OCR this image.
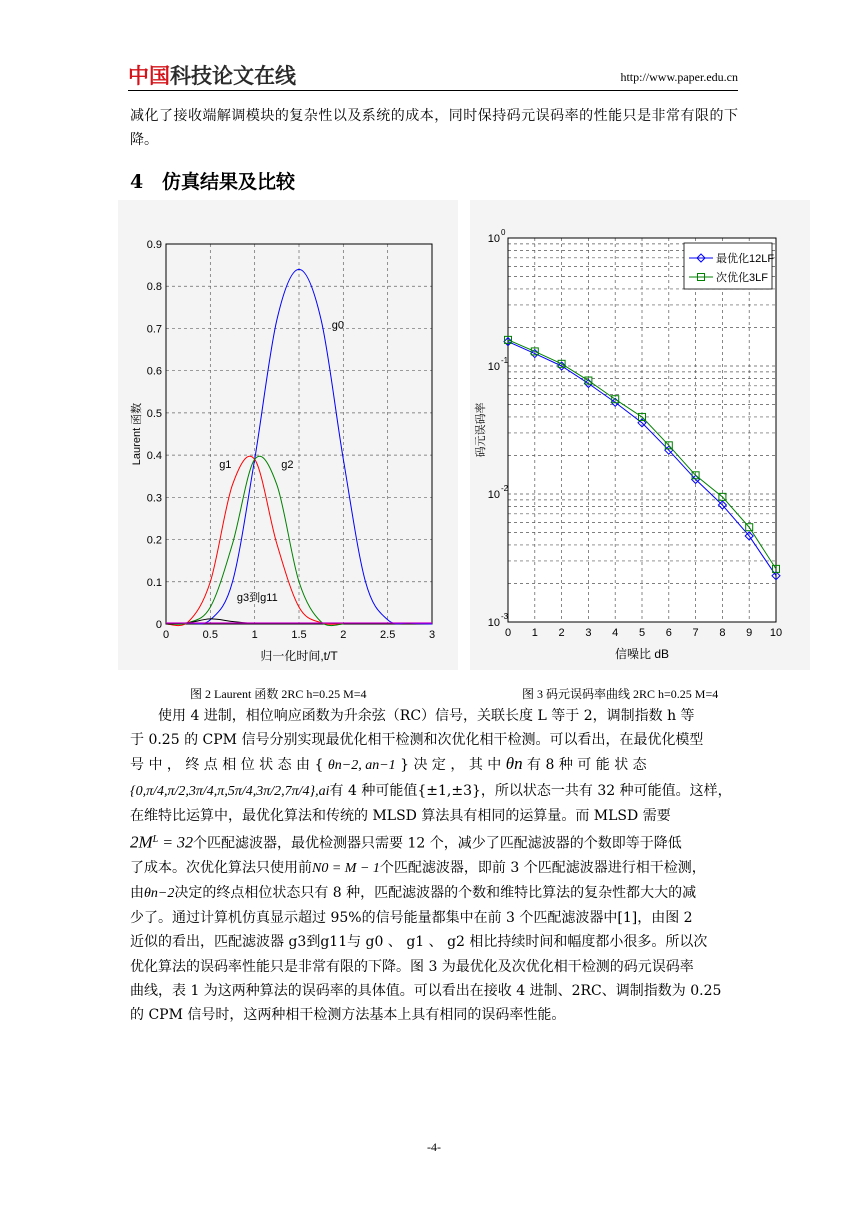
中国科技论文在线	http://www.paper.edu.cn
减化了接收端解调模块的复杂性以及系统的成本，同时保持码元误码率的性能只是非常有限的下降。
4 仿真结果及比较
0	0.5	1	1.5	2	2.5	3
0
0.1
0.2
0.3
0.4
0.5
0.6
0.7
0.8
0.9
g0
g1	g2
g3到g11
归一化时间,t/T
Laurent 函数
0 1 2 3 4 5 6 7 8 9 10
10
-3
10
-2
10
-1
10
0
最优化12LF
次优化3LF
信噪比 dB
码元误码率
图 2 Laurent 函数 2RC h=0.25 M=4	图 3 码元误码率曲线 2RC h=0.25 M=4

使用 4 进制，相位响应函数为升余弦（RC）信号，关联长度 L 等于 2，调制指数 h 等

于 0.25 的 CPM 信号分别实现最优化相干检测和次优化相干检测。可以看出，在最优化模型

号 中 ， 终 点 相 位 状 态 由 { θn−2, an−1 } 决 定 ， 其 中 θn 有 8 种 可 能 状 态

{0,π/4,π/2,3π/4,π,5π/4,3π/2,7π/4},ai有 4 种可能值{±1,±3}，所以状态一共有 32 种可能值。这样，

在维特比运算中，最优化算法和传统的 MLSD 算法具有相同的运算量。而 MLSD 需要

$2M^L = 32$个匹配滤波器，最优检测器只需要 12 个，减少了匹配滤波器的个数即等于降低

了成本。次优化算法只使用前N0 = M − 1个匹配滤波器，即前 3 个匹配滤波器进行相干检测，

由θn−2决定的终点相位状态只有 8 种，匹配滤波器的个数和维特比算法的复杂性都大大的减

少了。通过计算机仿真显示超过 95%的信号能量都集中在前 3 个匹配滤波器中[1]，由图 2

近似的看出，匹配滤波器 g3到g11与 g0 、 g1 、 g2 相比持续时间和幅度都小很多。所以次

优化算法的误码率性能只是非常有限的下降。图 3 为最优化及次优化相干检测的码元误码率

曲线，表 1 为这两种算法的误码率的具体值。可以看出在接收 4 进制、2RC、调制指数为 0.25

的 CPM 信号时，这两种相干检测方法基本上具有相同的误码率性能。

-4-
